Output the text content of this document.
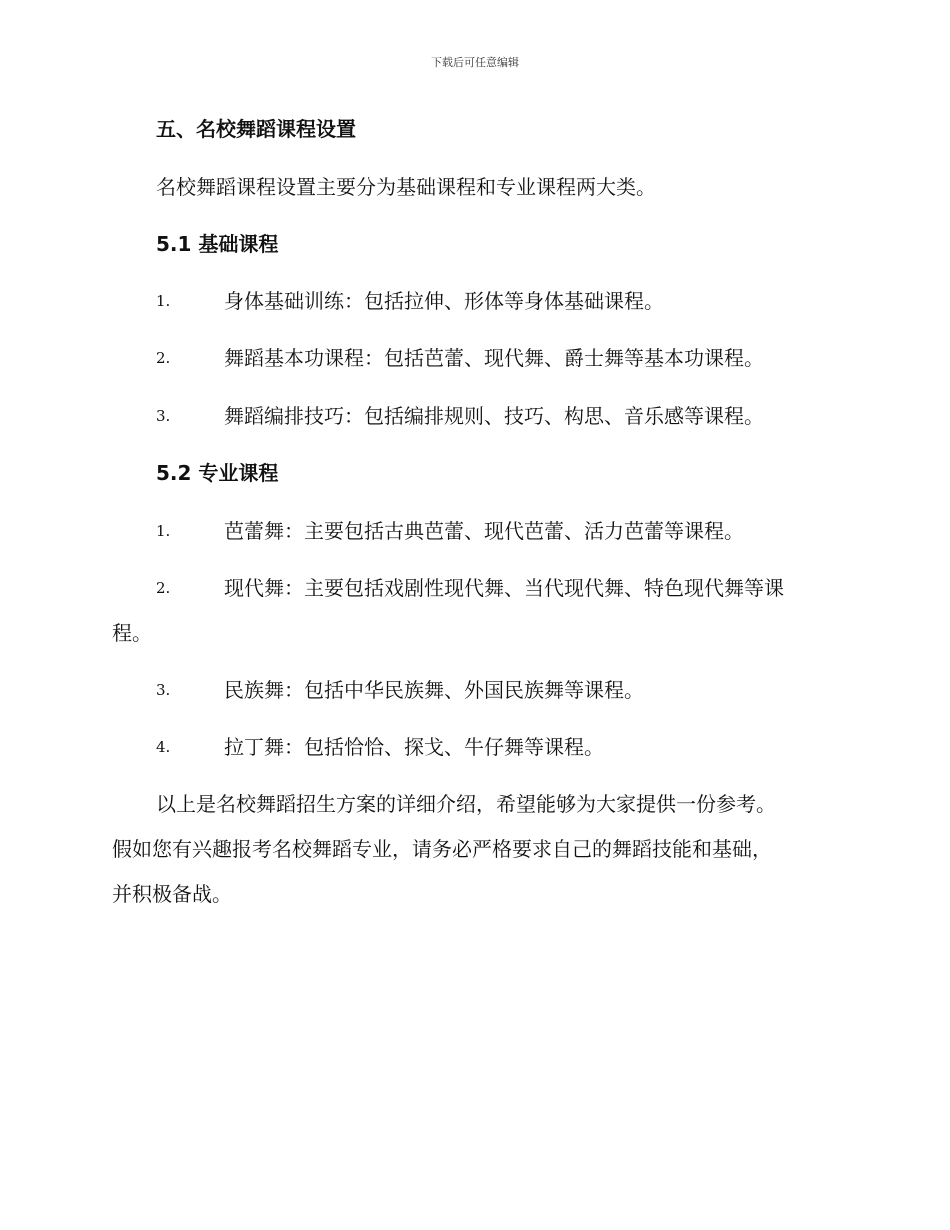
下载后可任意编辑
五、名校舞蹈课程设置
名校舞蹈课程设置主要分为基础课程和专业课程两大类。
5.1 基础课程
1.	身体基础训练：包括拉伸、形体等身体基础课程。
2.	舞蹈基本功课程：包括芭蕾、现代舞、爵士舞等基本功课程。
3.	舞蹈编排技巧：包括编排规则、技巧、构思、音乐感等课程。
5.2 专业课程
1.	芭蕾舞：主要包括古典芭蕾、现代芭蕾、活力芭蕾等课程。
2.	现代舞：主要包括戏剧性现代舞、当代现代舞、特色现代舞等课
程。
3.	民族舞：包括中华民族舞、外国民族舞等课程。
4.	拉丁舞：包括恰恰、探戈、牛仔舞等课程。
以上是名校舞蹈招生方案的详细介绍，希望能够为大家提供一份参考。
假如您有兴趣报考名校舞蹈专业，请务必严格要求自己的舞蹈技能和基础，
并积极备战。
